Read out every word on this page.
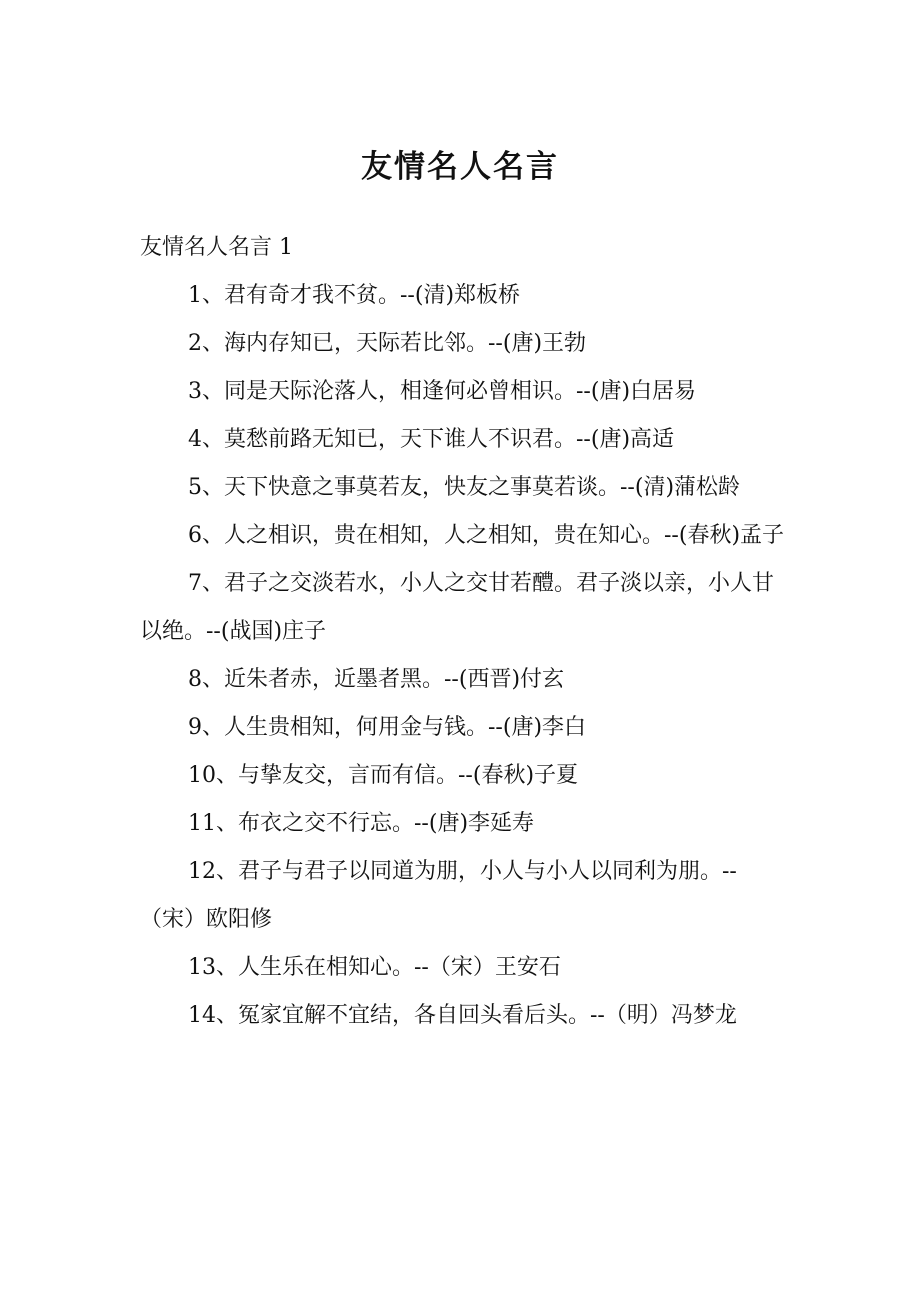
友情名人名言

友情名人名言 1

1、君有奇才我不贫。--(清)郑板桥

2、海内存知已，天际若比邻。--(唐)王勃

3、同是天际沦落人，相逢何必曾相识。--(唐)白居易

4、莫愁前路无知已，天下谁人不识君。--(唐)高适

5、天下快意之事莫若友，快友之事莫若谈。--(清)蒲松龄

6、人之相识，贵在相知，人之相知，贵在知心。--(春秋)孟子

7、君子之交淡若水，小人之交甘若醴。君子淡以亲，小人甘以绝。--(战国)庄子

8、近朱者赤，近墨者黑。--(西晋)付玄

9、人生贵相知，何用金与钱。--(唐)李白

10、与挚友交，言而有信。--(春秋)子夏

11、布衣之交不行忘。--(唐)李延寿

12、君子与君子以同道为朋，小人与小人以同利为朋。--（宋）欧阳修

13、人生乐在相知心。--（宋）王安石

14、冤家宜解不宜结，各自回头看后头。--（明）冯梦龙
